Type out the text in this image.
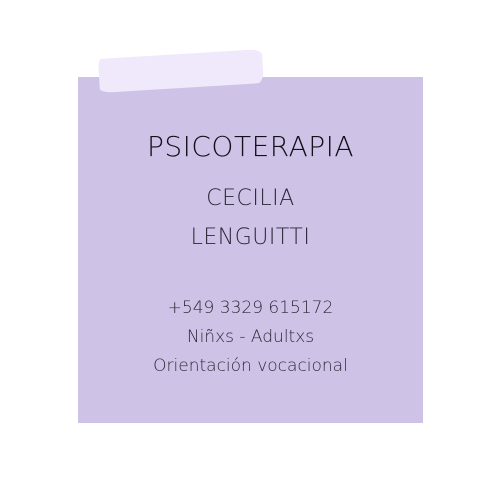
PSICOTERAPIA
CECILIA
LENGUITTI
+549 3329 615172
Niñxs - Adultxs
Orientación vocacional
